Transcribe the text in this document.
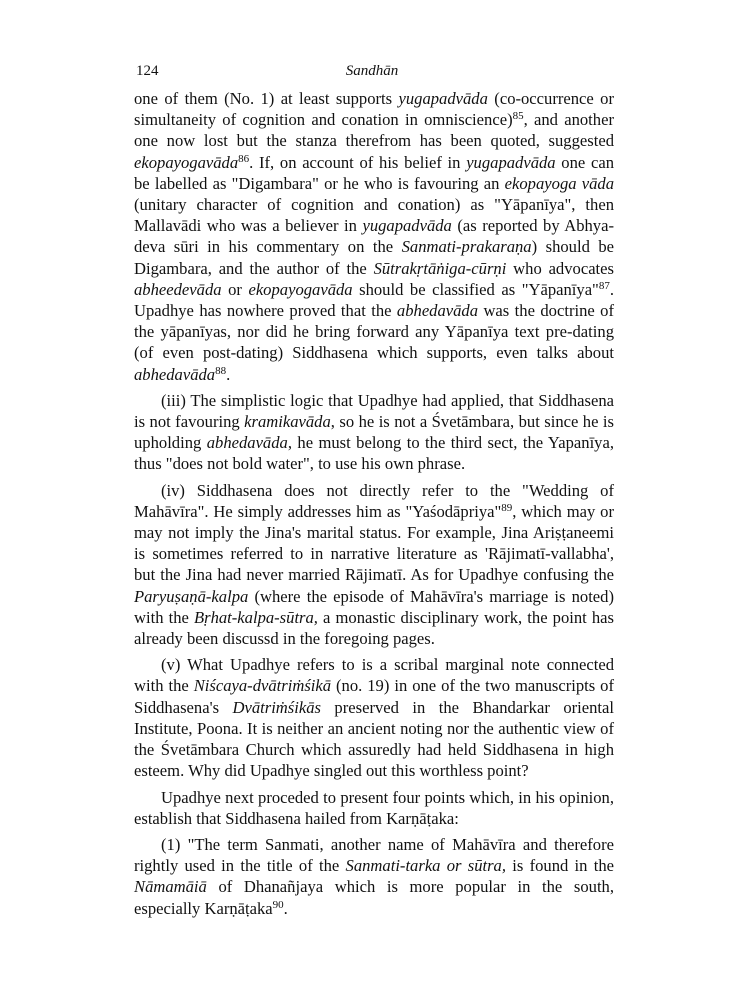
124	Sandhān

one of them (No. 1) at least supports yugapadvāda (co-occurrence or simultaneity of cognition and conation in omniscience)$^{85}$, and another one now lost but the stanza therefrom has been quoted, suggested ekopayogavāda$^{86}$. If, on account of his belief in yugapadvāda one can be labelled as "Digambara" or he who is favouring an ekopayoga vāda (unitary character of cognition and conation) as "Yāpanīya", then Mallavādi who was a believer in yugapadvāda (as reported by Abhya-deva sūri in his commentary on the Sanmati-prakaraṇa) should be Digambara, and the author of the Sūtrakṛtāṅiga-cūrṇi who advocates abheedevāda or ekopayogavāda should be classified as "Yāpanīya"$^{87}$. Upadhye has nowhere proved that the abhedavāda was the doctrine of the yāpanīyas, nor did he bring forward any Yāpanīya text pre-dating (of even post-dating) Siddhasena which supports, even talks about abhedavāda$^{88}$.

(iii) The simplistic logic that Upadhye had applied, that Siddhasena is not favouring kramikavāda, so he is not a Śvetāmbara, but since he is upholding abhedavāda, he must belong to the third sect, the Yapanīya, thus "does not bold water", to use his own phrase.

(iv) Siddhasena does not directly refer to the "Wedding of Mahāvīra". He simply addresses him as "Yaśodāpriya"$^{89}$, which may or may not imply the Jina's marital status. For example, Jina Ariṣṭaneemi is sometimes referred to in narrative literature as 'Rājimatī-vallabha', but the Jina had never married Rājimatī. As for Upadhye confusing the Paryuṣaṇā-kalpa (where the episode of Mahāvīra's marriage is noted) with the Bṛhat-kalpa-sūtra, a monastic disciplinary work, the point has already been discussd in the foregoing pages.

(v) What Upadhye refers to is a scribal marginal note connected with the Niścaya-dvātriṁśikā (no. 19) in one of the two manuscripts of Siddhasena's Dvātriṁśikās preserved in the Bhandarkar oriental Institute, Poona. It is neither an ancient noting nor the authentic view of the Śvetāmbara Church which assuredly had held Siddhasena in high esteem. Why did Upadhye singled out this worthless point?

Upadhye next proceded to present four points which, in his opinion, establish that Siddhasena hailed from Karṇāṭaka:

(1) "The term Sanmati, another name of Mahāvīra and therefore rightly used in the title of the Sanmati-tarka or sūtra, is found in the Nāmamāiā of Dhanañjaya which is more popular in the south, especially Karṇāṭaka$^{90}$.
